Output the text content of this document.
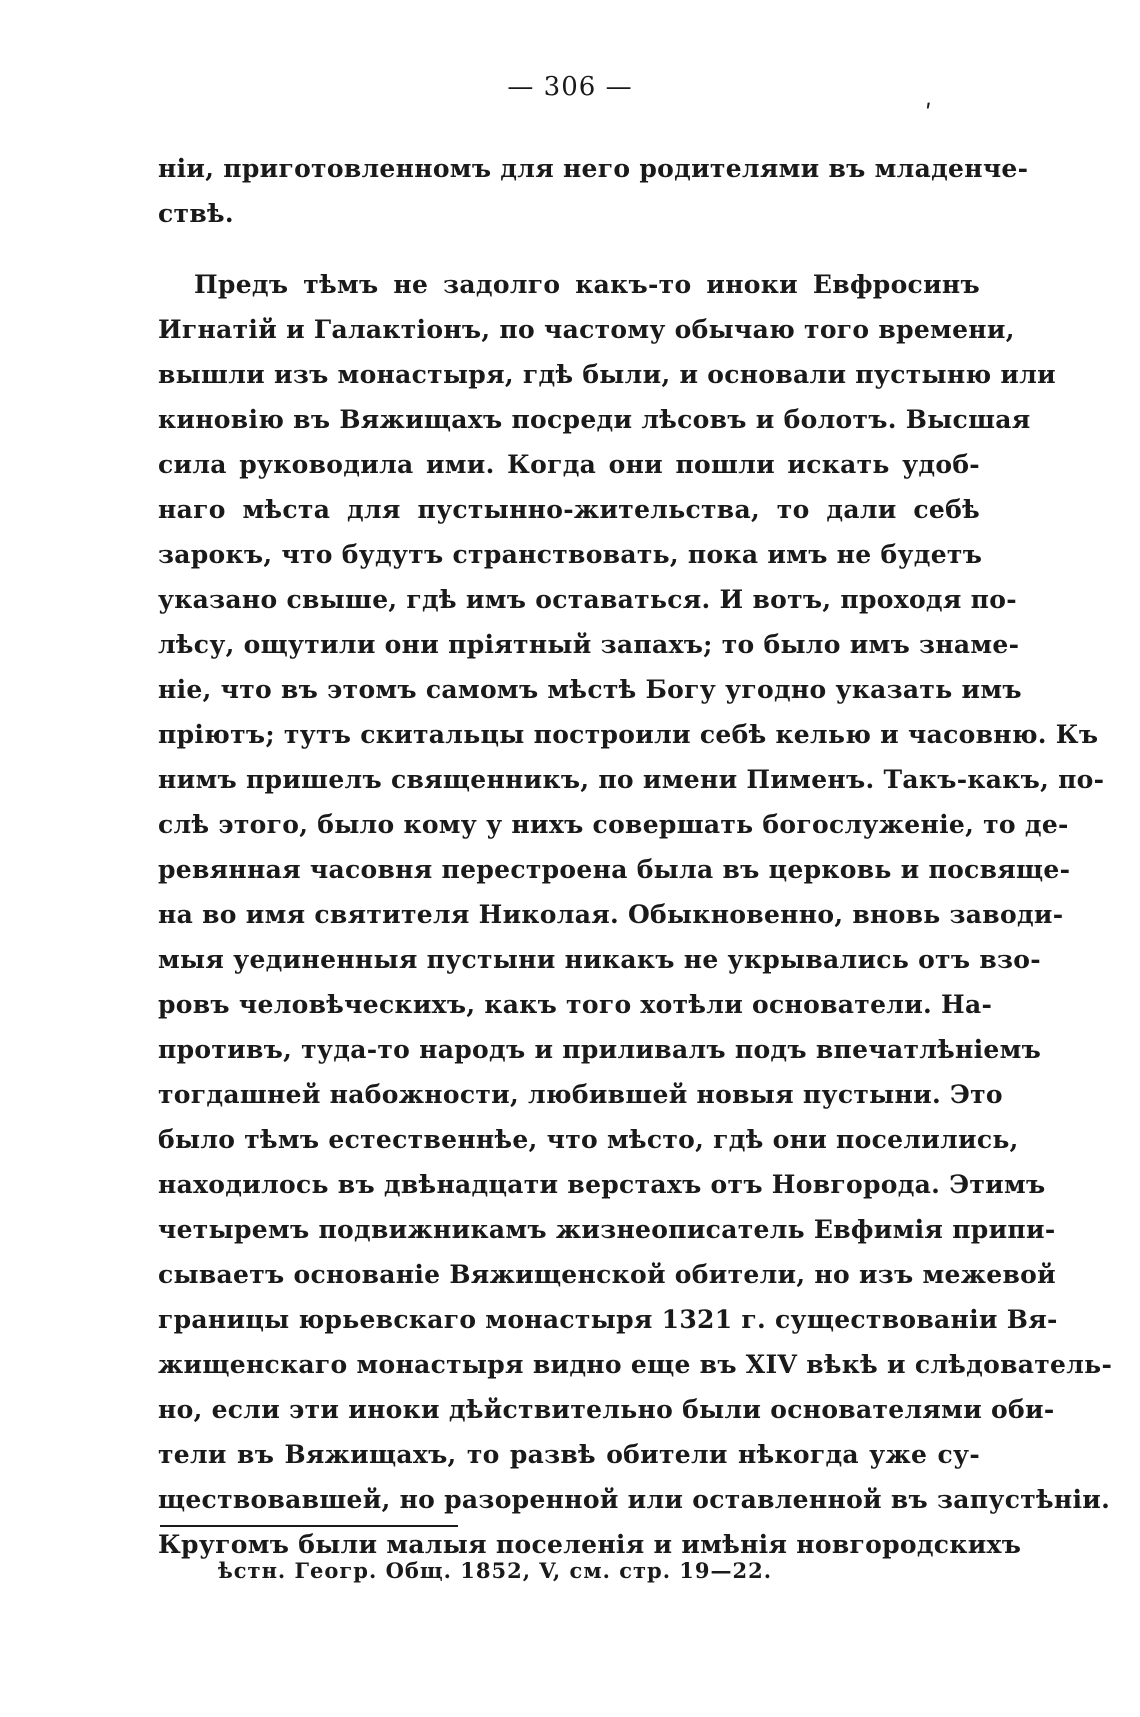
— 306 —
ʹ
ніи, приготовленномъ для него родителями въ младенче-
ствѣ.
Предъ тѣмъ не задолго какъ-то иноки Евфросинъ
Игнатій и Галактіонъ, по частому обычаю того времени,
вышли изъ монастыря, гдѣ были, и основали пустыню или
киновію въ Вяжищахъ посреди лѣсовъ и болотъ. Высшая
сила руководила ими. Когда они пошли искать удоб-
наго мѣста для пустынно-жительства, то дали себѣ
зарокъ, что будутъ странствовать, пока имъ не будетъ
указано свыше, гдѣ имъ оставаться. И вотъ, проходя по-
лѣсу, ощутили они пріятный запахъ; то было имъ знаме-
ніе, что въ этомъ самомъ мѣстѣ Богу угодно указать имъ
пріютъ; тутъ скитальцы построили себѣ келью и часовню. Къ
нимъ пришелъ священникъ, по имени Пименъ. Такъ-какъ, по-
слѣ этого, было кому у нихъ совершать богослуженіе, то де-
ревянная часовня перестроена была въ церковь и посвяще-
на во имя святителя Николая. Обыкновенно, вновь заводи-
мыя уединенныя пустыни никакъ не укрывались отъ взо-
ровъ человѣческихъ, какъ того хотѣли основатели. На-
противъ, туда-то народъ и приливалъ подъ впечатлѣніемъ
тогдашней набожности, любившей новыя пустыни. Это
было тѣмъ естественнѣе, что мѣсто, гдѣ они поселились,
находилось въ двѣнадцати верстахъ отъ Новгорода. Этимъ
четыремъ подвижникамъ жизнеописатель Евфимія припи-
сываетъ основаніе Вяжищенской обители, но изъ межевой
границы юрьевскаго монастыря 1321 г. существованіи Вя-
жищенскаго монастыря видно еще въ XIV вѣкѣ и слѣдователь-
но, если эти иноки дѣйствительно были основателями оби-
тели въ Вяжищахъ, то развѣ обители нѣкогда уже су-
ществовавшей, но разоренной или оставленной въ запустѣніи.
Кругомъ были малыя поселенія и имѣнія новгородскихъ
ѣстн. Геогр. Общ. 1852, V, см. стр. 19—22.
